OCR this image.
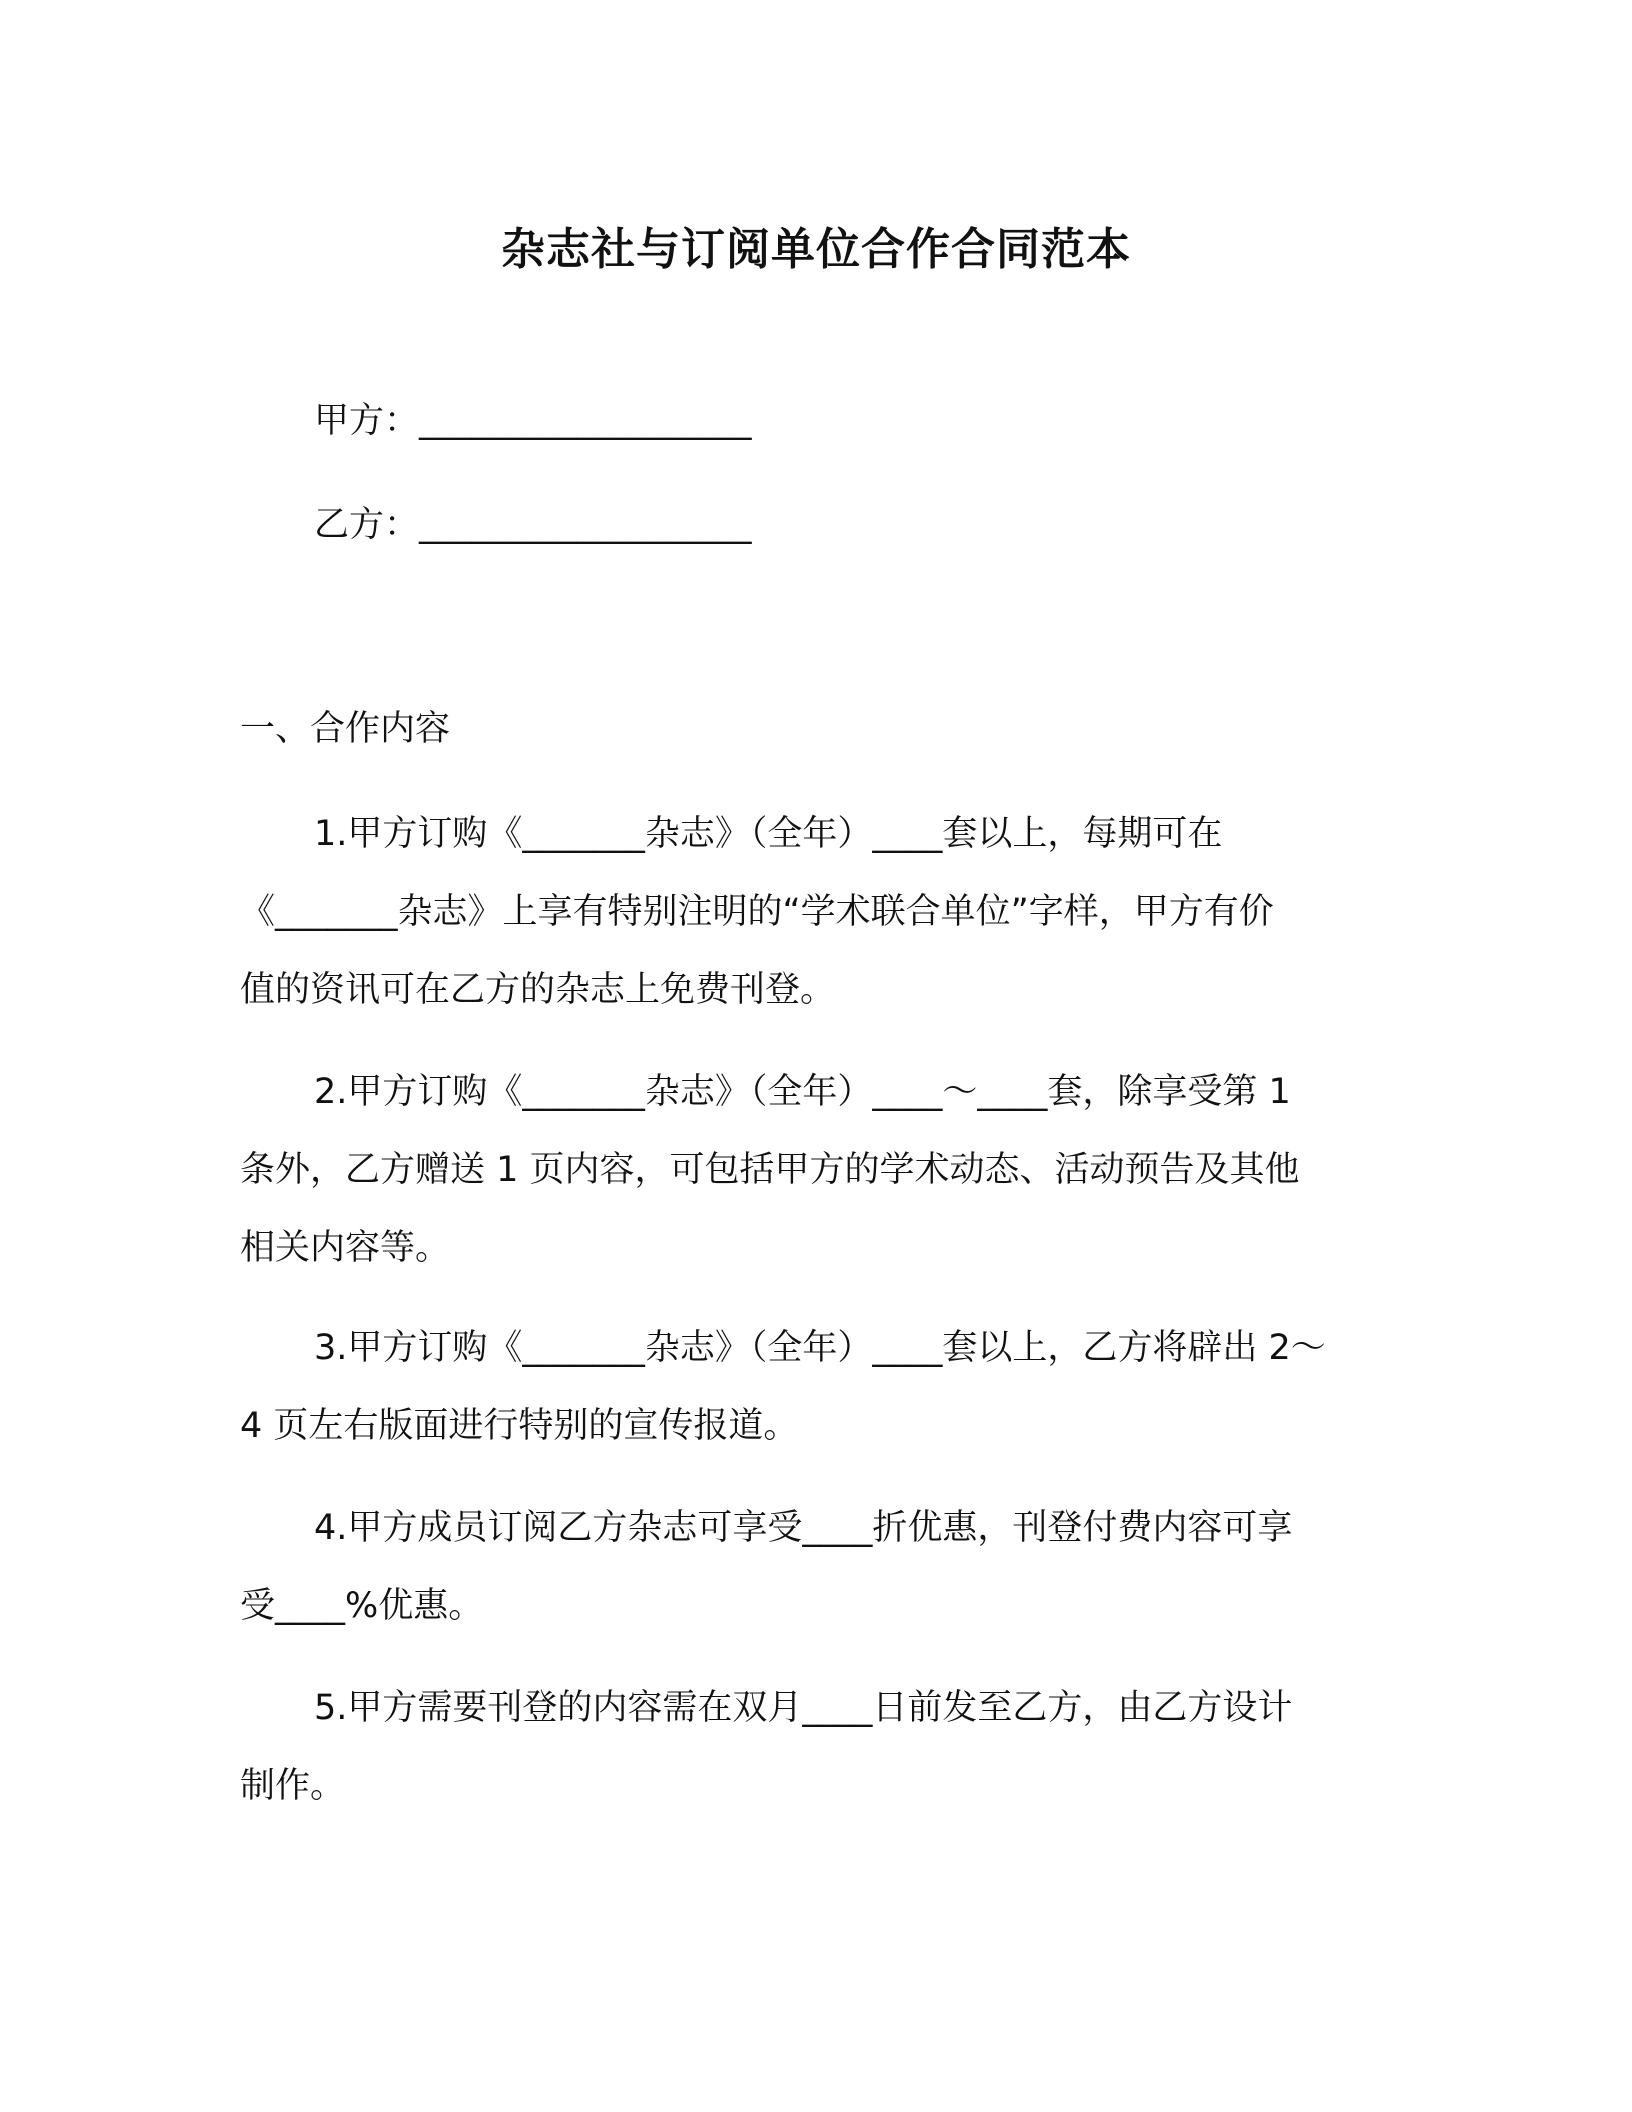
杂志社与订阅单位合作合同范本
甲方：___________________
乙方：___________________
一、合作内容
1.甲方订购《_______杂志》（全年）____套以上，每期可在
《_______杂志》上享有特别注明的“学术联合单位”字样，甲方有价
值的资讯可在乙方的杂志上免费刊登。
2.甲方订购《_______杂志》（全年）____～____套，除享受第 1
条外，乙方赠送 1 页内容，可包括甲方的学术动态、活动预告及其他
相关内容等。
3.甲方订购《_______杂志》（全年）____套以上，乙方将辟出 2～
4 页左右版面进行特别的宣传报道。
4.甲方成员订阅乙方杂志可享受____折优惠，刊登付费内容可享
受____%优惠。
5.甲方需要刊登的内容需在双月____日前发至乙方，由乙方设计
制作。
